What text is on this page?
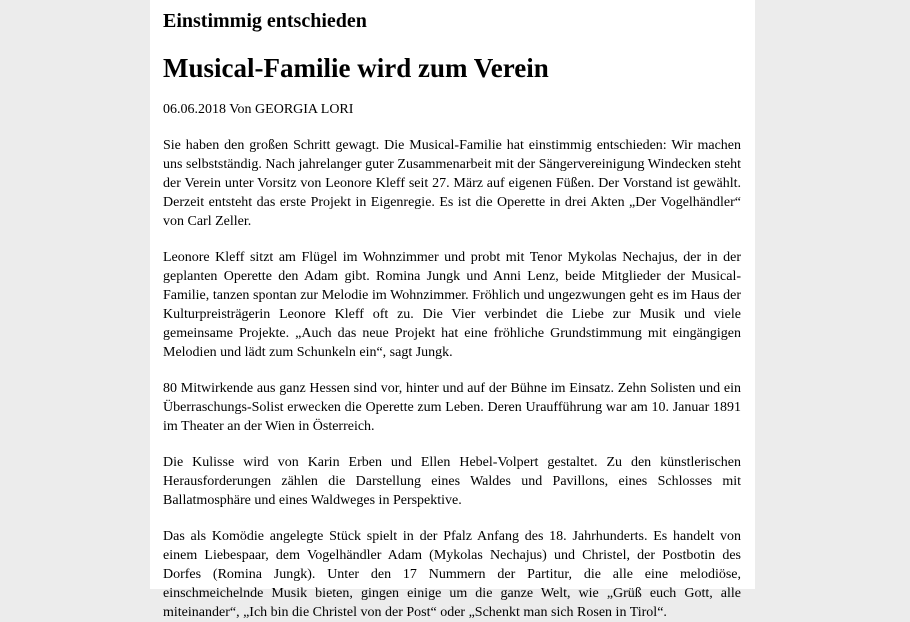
Einstimmig entschieden

Musical-Familie wird zum Verein

06.06.2018 Von GEORGIA LORI

Sie haben den großen Schritt gewagt. Die Musical-Familie hat einstimmig entschieden: Wir machen uns selbstständig. Nach jahrelanger guter Zusammenarbeit mit der Sängervereinigung Windecken steht der Verein unter Vorsitz von Leonore Kleff seit 27. März auf eigenen Füßen. Der Vorstand ist gewählt. Derzeit entsteht das erste Projekt in Eigenregie. Es ist die Operette in drei Akten „Der Vogelhändler“ von Carl Zeller.

Leonore Kleff sitzt am Flügel im Wohnzimmer und probt mit Tenor Mykolas Nechajus, der in der geplanten Operette den Adam gibt. Romina Jungk und Anni Lenz, beide Mitglieder der Musical-Familie, tanzen spontan zur Melodie im Wohnzimmer. Fröhlich und ungezwungen geht es im Haus der Kulturpreisträgerin Leonore Kleff oft zu. Die Vier verbindet die Liebe zur Musik und viele gemeinsame Projekte. „Auch das neue Projekt hat eine fröhliche Grundstimmung mit eingängigen Melodien und lädt zum Schunkeln ein“, sagt Jungk.

80 Mitwirkende aus ganz Hessen sind vor, hinter und auf der Bühne im Einsatz. Zehn Solisten und ein Überraschungs-Solist erwecken die Operette zum Leben. Deren Uraufführung war am 10. Januar 1891 im Theater an der Wien in Österreich.

Die Kulisse wird von Karin Erben und Ellen Hebel-Volpert gestaltet. Zu den künstlerischen Herausforderungen zählen die Darstellung eines Waldes und Pavillons, eines Schlosses mit Ballatmosphäre und eines Waldweges in Perspektive.

Das als Komödie angelegte Stück spielt in der Pfalz Anfang des 18. Jahrhunderts. Es handelt von einem Liebespaar, dem Vogelhändler Adam (Mykolas Nechajus) und Christel, der Postbotin des Dorfes (Romina Jungk). Unter den 17 Nummern der Partitur, die alle eine melodiöse, einschmeichelnde Musik bieten, gingen einige um die ganze Welt, wie „Grüß euch Gott, alle miteinander“, „Ich bin die Christel von der Post“ oder „Schenkt man sich Rosen in Tirol“.
